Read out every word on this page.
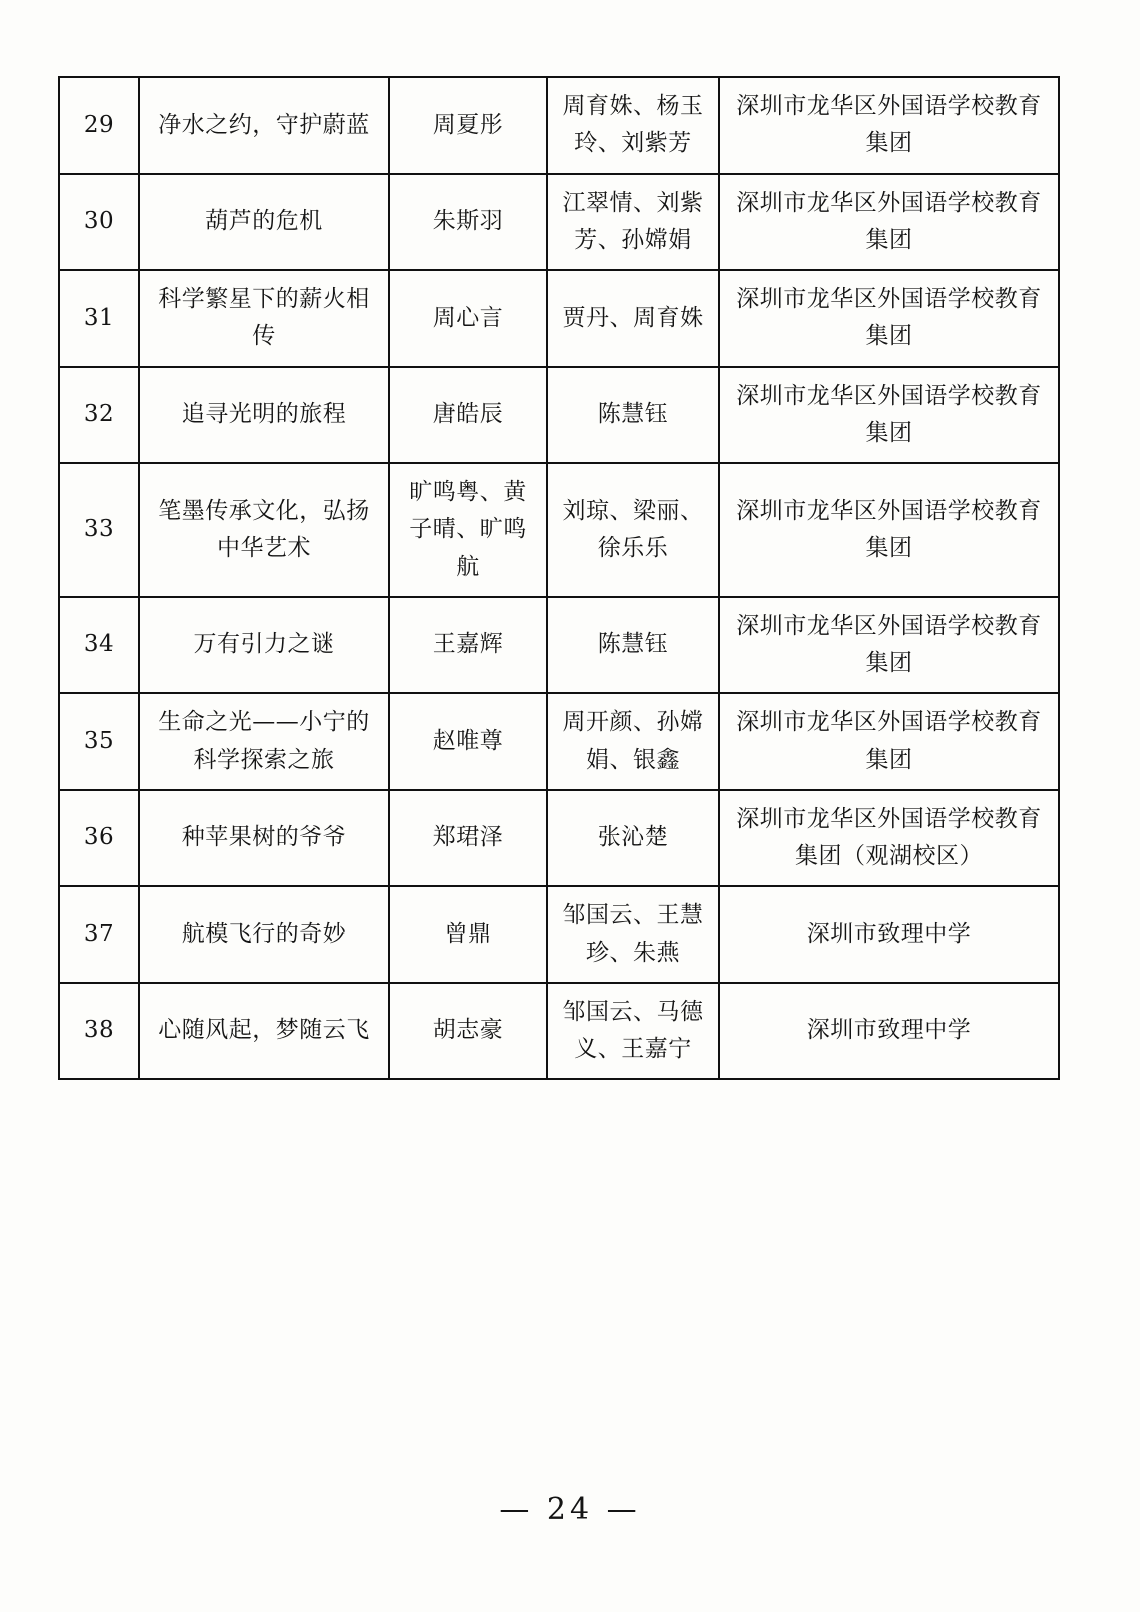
29	净水之约，守护蔚蓝	周夏彤	周育姝、杨玉玲、刘紫芳	深圳市龙华区外国语学校教育集团
30	葫芦的危机	朱斯羽	江翠情、刘紫芳、孙嫦娟	深圳市龙华区外国语学校教育集团
31	科学繁星下的薪火相传	周心言	贾丹、周育姝	深圳市龙华区外国语学校教育集团
32	追寻光明的旅程	唐皓辰	陈慧钰	深圳市龙华区外国语学校教育集团
33	笔墨传承文化，弘扬中华艺术	旷鸣粤、黄子晴、旷鸣航	刘琼、梁丽、徐乐乐	深圳市龙华区外国语学校教育集团
34	万有引力之谜	王嘉辉	陈慧钰	深圳市龙华区外国语学校教育集团
35	生命之光——小宁的科学探索之旅	赵唯尊	周开颜、孙嫦娟、银鑫	深圳市龙华区外国语学校教育集团
36	种苹果树的爷爷	郑珺泽	张沁楚	深圳市龙华区外国语学校教育集团（观湖校区）
37	航模飞行的奇妙	曾鼎	邹国云、王慧珍、朱燕	深圳市致理中学
38	心随风起，梦随云飞	胡志豪	邹国云、马德义、王嘉宁	深圳市致理中学
— 24 —
